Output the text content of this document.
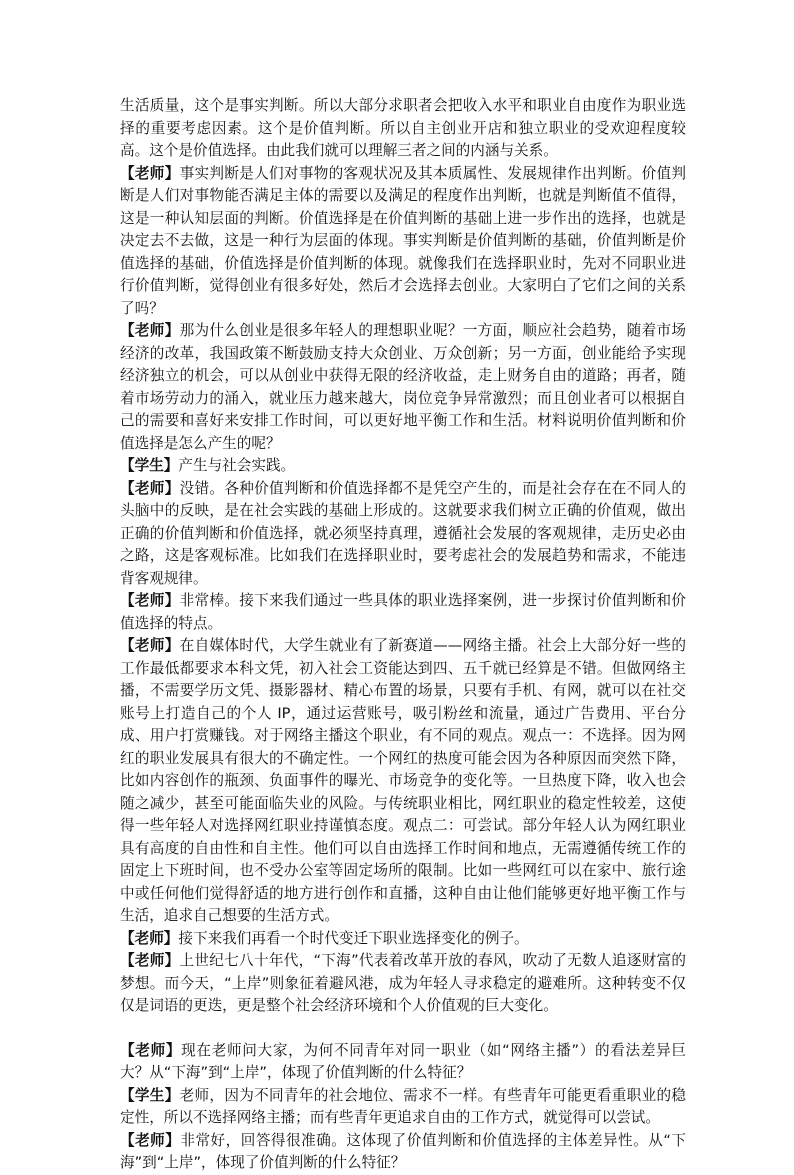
生活质量，这个是事实判断。所以大部分求职者会把收入水平和职业自由度作为职业选择的重要考虑因素。这个是价值判断。所以自主创业开店和独立职业的受欢迎程度较高。这个是价值选择。由此我们就可以理解三者之间的内涵与关系。

【老师】事实判断是人们对事物的客观状况及其本质属性、发展规律作出判断。价值判断是人们对事物能否满足主体的需要以及满足的程度作出判断，也就是判断值不值得，这是一种认知层面的判断。价值选择是在价值判断的基础上进一步作出的选择，也就是决定去不去做，这是一种行为层面的体现。事实判断是价值判断的基础，价值判断是价值选择的基础，价值选择是价值判断的体现。就像我们在选择职业时，先对不同职业进行价值判断，觉得创业有很多好处，然后才会选择去创业。大家明白了它们之间的关系了吗？

【老师】那为什么创业是很多年轻人的理想职业呢？一方面，顺应社会趋势，随着市场经济的改革，我国政策不断鼓励支持大众创业、万众创新；另一方面，创业能给予实现经济独立的机会，可以从创业中获得无限的经济收益，走上财务自由的道路；再者，随着市场劳动力的涌入，就业压力越来越大，岗位竞争异常激烈；而且创业者可以根据自己的需要和喜好来安排工作时间，可以更好地平衡工作和生活。材料说明价值判断和价值选择是怎么产生的呢？

【学生】产生与社会实践。

【老师】没错。各种价值判断和价值选择都不是凭空产生的，而是社会存在在不同人的头脑中的反映，是在社会实践的基础上形成的。这就要求我们树立正确的价值观，做出正确的价值判断和价值选择，就必须坚持真理，遵循社会发展的客观规律，走历史必由之路，这是客观标准。比如我们在选择职业时，要考虑社会的发展趋势和需求，不能违背客观规律。

【老师】非常棒。接下来我们通过一些具体的职业选择案例，进一步探讨价值判断和价值选择的特点。

【老师】在自媒体时代，大学生就业有了新赛道——网络主播。社会上大部分好一些的工作最低都要求本科文凭，初入社会工资能达到四、五千就已经算是不错。但做网络主播，不需要学历文凭、摄影器材、精心布置的场景，只要有手机、有网，就可以在社交账号上打造自己的个人 IP，通过运营账号，吸引粉丝和流量，通过广告费用、平台分成、用户打赏赚钱。对于网络主播这个职业，有不同的观点。观点一：不选择。因为网红的职业发展具有很大的不确定性。一个网红的热度可能会因为各种原因而突然下降，比如内容创作的瓶颈、负面事件的曝光、市场竞争的变化等。一旦热度下降，收入也会随之减少，甚至可能面临失业的风险。与传统职业相比，网红职业的稳定性较差，这使得一些年轻人对选择网红职业持谨慎态度。观点二：可尝试。部分年轻人认为网红职业具有高度的自由性和自主性。他们可以自由选择工作时间和地点，无需遵循传统工作的固定上下班时间，也不受办公室等固定场所的限制。比如一些网红可以在家中、旅行途中或任何他们觉得舒适的地方进行创作和直播，这种自由让他们能够更好地平衡工作与生活，追求自己想要的生活方式。

【老师】接下来我们再看一个时代变迁下职业选择变化的例子。

【老师】上世纪七八十年代，“下海”代表着改革开放的春风，吹动了无数人追逐财富的梦想。而今天，“上岸”则象征着避风港，成为年轻人寻求稳定的避难所。这种转变不仅仅是词语的更迭，更是整个社会经济环境和个人价值观的巨大变化。

【老师】现在老师问大家，为何不同青年对同一职业（如“网络主播”）的看法差异巨大？从“下海”到“上岸”，体现了价值判断的什么特征？

【学生】老师，因为不同青年的社会地位、需求不一样。有些青年可能更看重职业的稳定性，所以不选择网络主播；而有些青年更追求自由的工作方式，就觉得可以尝试。

【老师】非常好，回答得很准确。这体现了价值判断和价值选择的主体差异性。从“下海”到“上岸”，体现了价值判断的什么特征？
